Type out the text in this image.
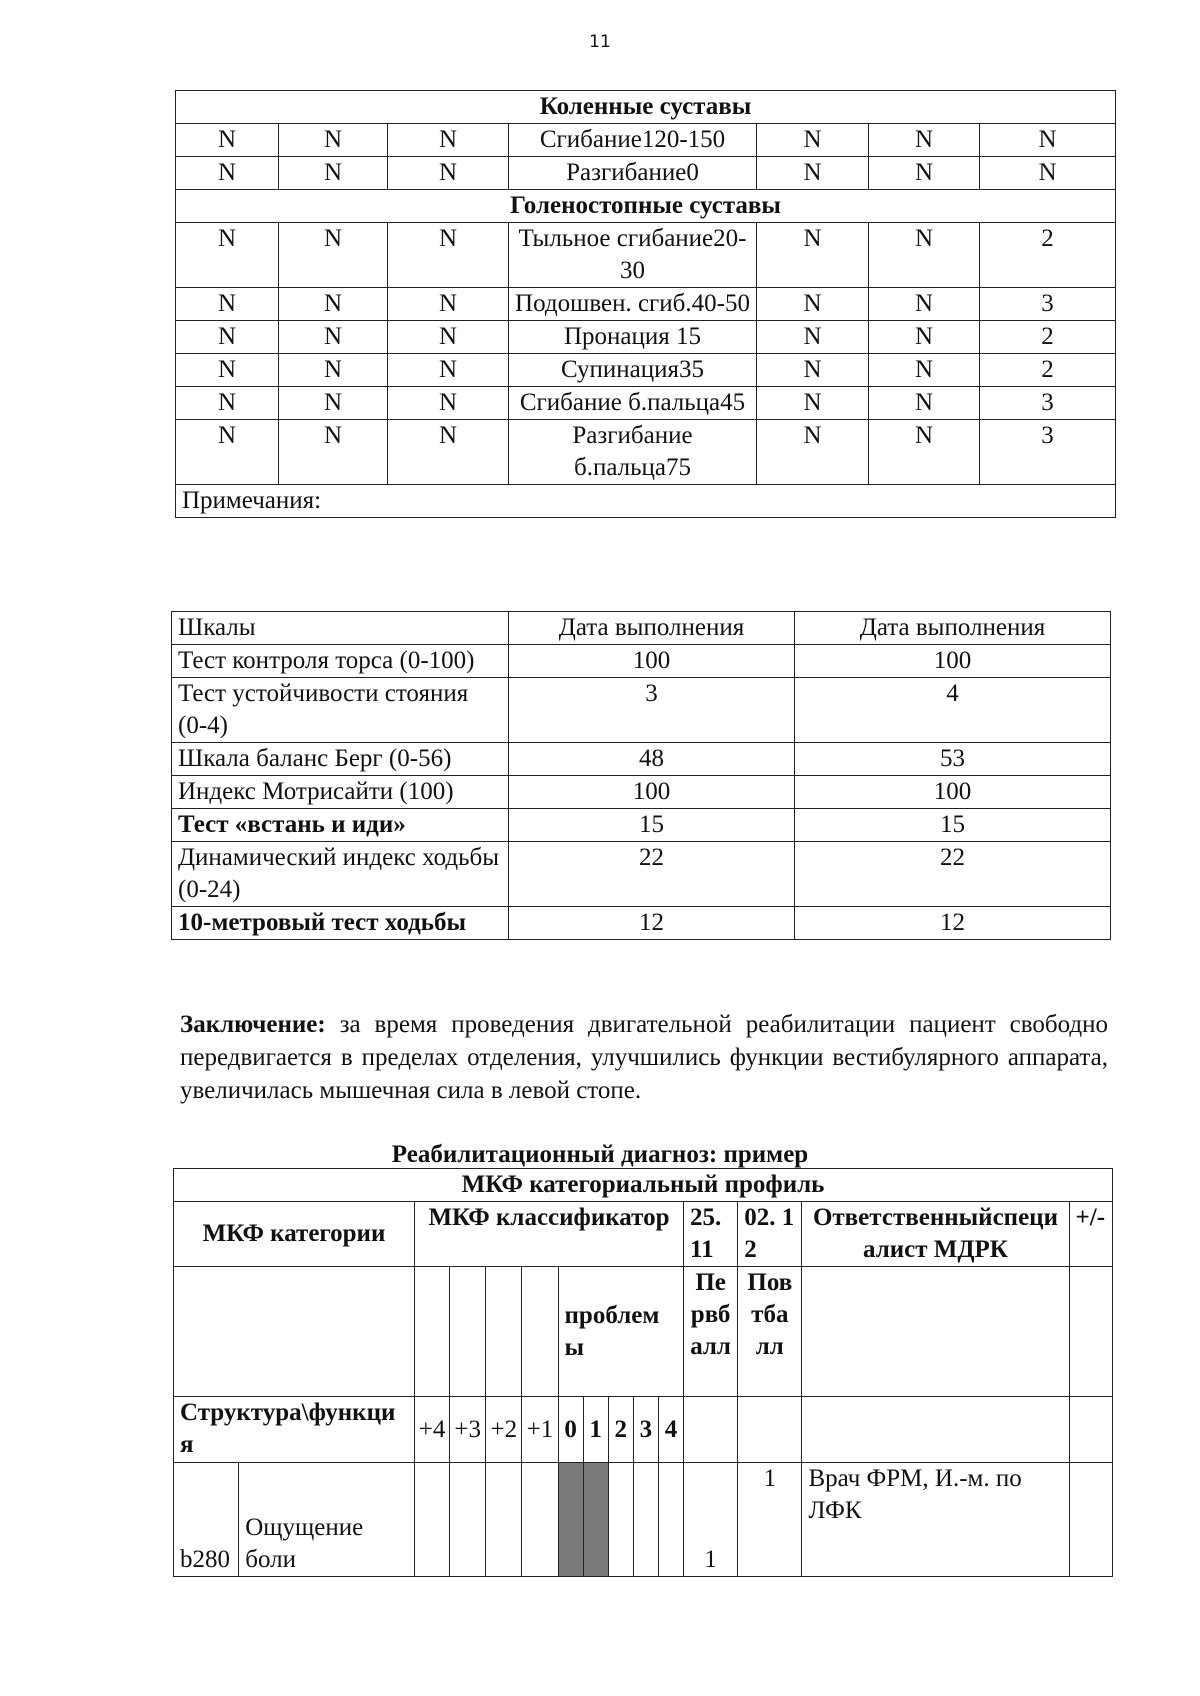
11
Коленные суставы						
N	N	N	Сгибание120-150	N	N	N
N	N	N	Разгибание0	N	N	N
Голеностопные суставы						
N	N	N	Тыльное сгибание20-30	N	N	2
N	N	N	Подошвен. сгиб.40-50	N	N	3
N	N	N	Пронация 15	N	N	2
N	N	N	Супинация35	N	N	2
N	N	N	Сгибание б.пальца45	N	N	3
N	N	N	Разгибание б.пальца75	N	N	3
Примечания:						
Шкалы	Дата выполнения	Дата выполнения
Тест контроля торса (0-100)	100	100
Тест устойчивости стояния (0-4)	3	4
Шкала баланс Берг (0-56)	48	53
Индекс Мотрисайти (100)	100	100
Тест «встань и иди»	15	15
Динамический индекс ходьбы (0-24)	22	22
10-метровый тест ходьбы	12	12
Заключение: за время проведения двигательной реабилитации пациент свободно передвигается в пределах отделения, улучшились функции вестибулярного аппарата, увеличилась мышечная сила в левой стопе.
Реабилитационный диагноз: пример
МКФ категориальный профиль														
МКФ категории		МКФ классификатор									25. 11	02. 12	Ответственныйспециалист МДРК	+/-
						проблемы					Первбалл	Повтбалл		
Структура\функция		+4	+3	+2	+1	0	1	2	3	4				
b280	Ощущение боли										1	1	Врач ФРМ, И.-м. по ЛФК	
